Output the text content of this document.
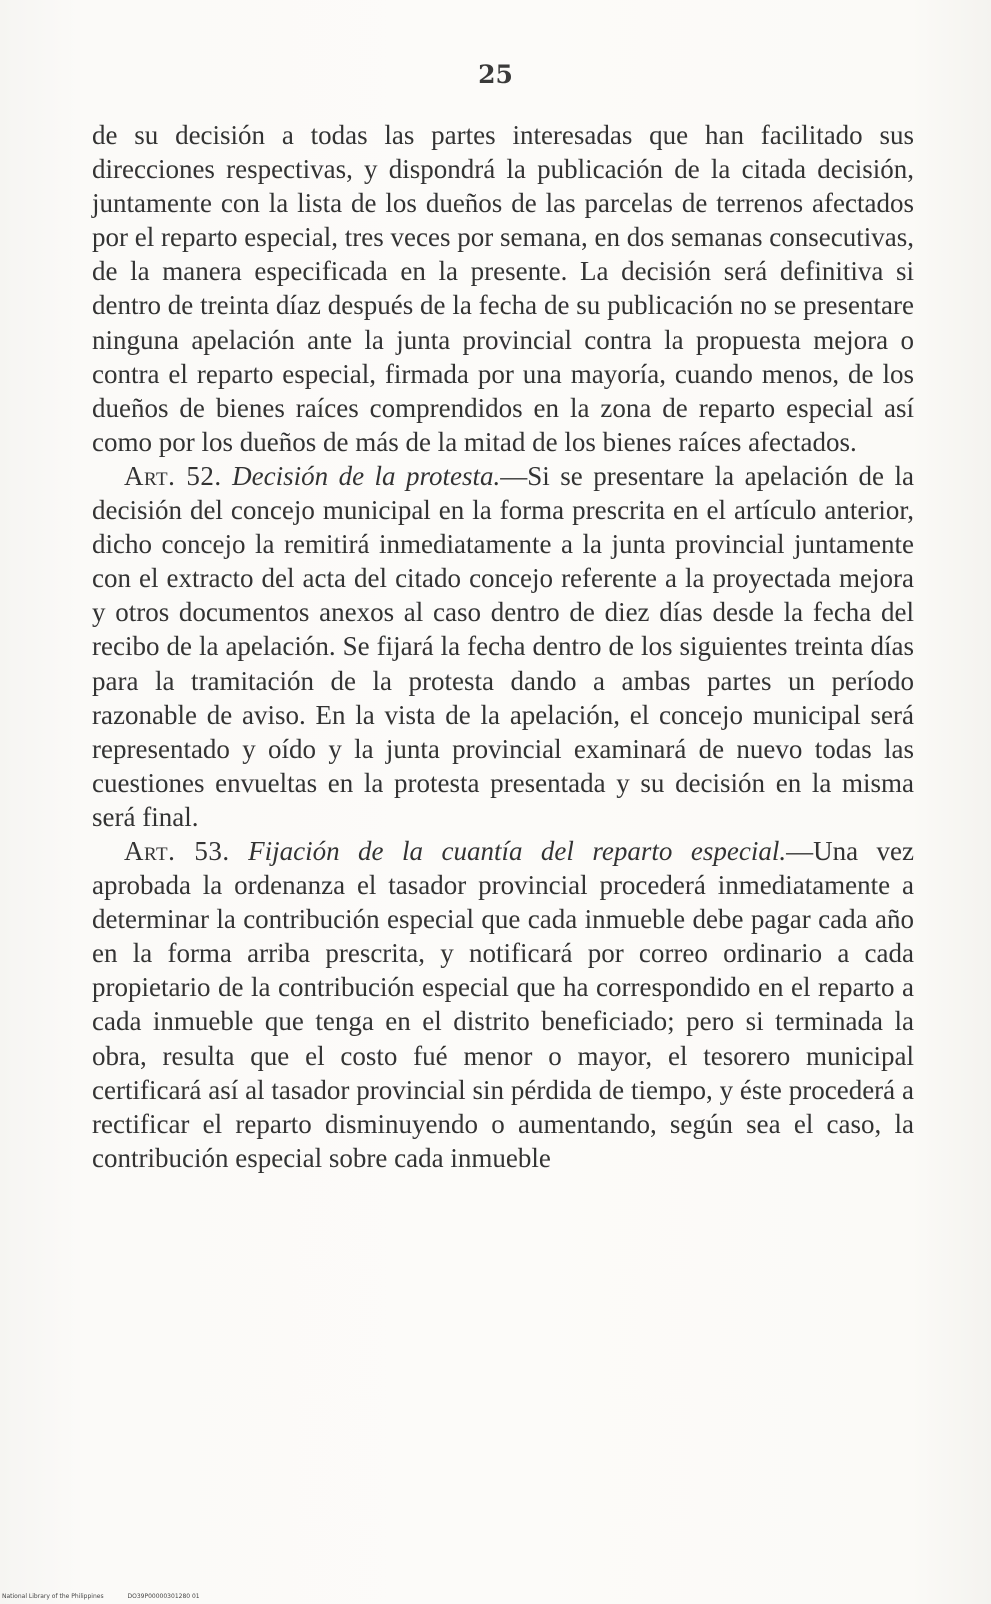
25

de su decisión a todas las partes interesadas que han facilitado sus direcciones respectivas, y dispondrá la publicación de la citada decisión, juntamente con la lista de los dueños de las parcelas de terrenos afectados por el reparto especial, tres veces por semana, en dos semanas consecutivas, de la manera especificada en la presente. La decisión será definitiva si dentro de treinta díaz después de la fecha de su publicación no se presentare ninguna apelación ante la junta provincial contra la propuesta mejora o contra el reparto especial, firmada por una mayoría, cuando menos, de los dueños de bienes raíces comprendidos en la zona de reparto especial así como por los dueños de más de la mitad de los bienes raíces afectados.

Art. 52. Decisión de la protesta.—Si se presentare la apelación de la decisión del concejo municipal en la forma prescrita en el artículo anterior, dicho concejo la remitirá inmediatamente a la junta provincial juntamente con el extracto del acta del citado concejo referente a la proyectada mejora y otros documentos anexos al caso dentro de diez días desde la fecha del recibo de la apelación. Se fijará la fecha dentro de los siguientes treinta días para la tramitación de la protesta dando a ambas partes un período razonable de aviso. En la vista de la apelación, el concejo municipal será representado y oído y la junta provincial examinará de nuevo todas las cuestiones envueltas en la protesta presentada y su decisión en la misma será final.

Art. 53. Fijación de la cuantía del reparto especial.—Una vez aprobada la ordenanza el tasador provincial procederá inmediatamente a determinar la contribución especial que cada inmueble debe pagar cada año en la forma arriba prescrita, y notificará por correo ordinario a cada propietario de la contribución especial que ha correspondido en el reparto a cada inmueble que tenga en el distrito beneficiado; pero si terminada la obra, resulta que el costo fué menor o mayor, el tesorero municipal certificará así al tasador provincial sin pérdida de tiempo, y éste procederá a rectificar el reparto disminuyendo o aumentando, según sea el caso, la contribución especial sobre cada inmueble

National Library of the Philippines	DO39P00000301280 01
